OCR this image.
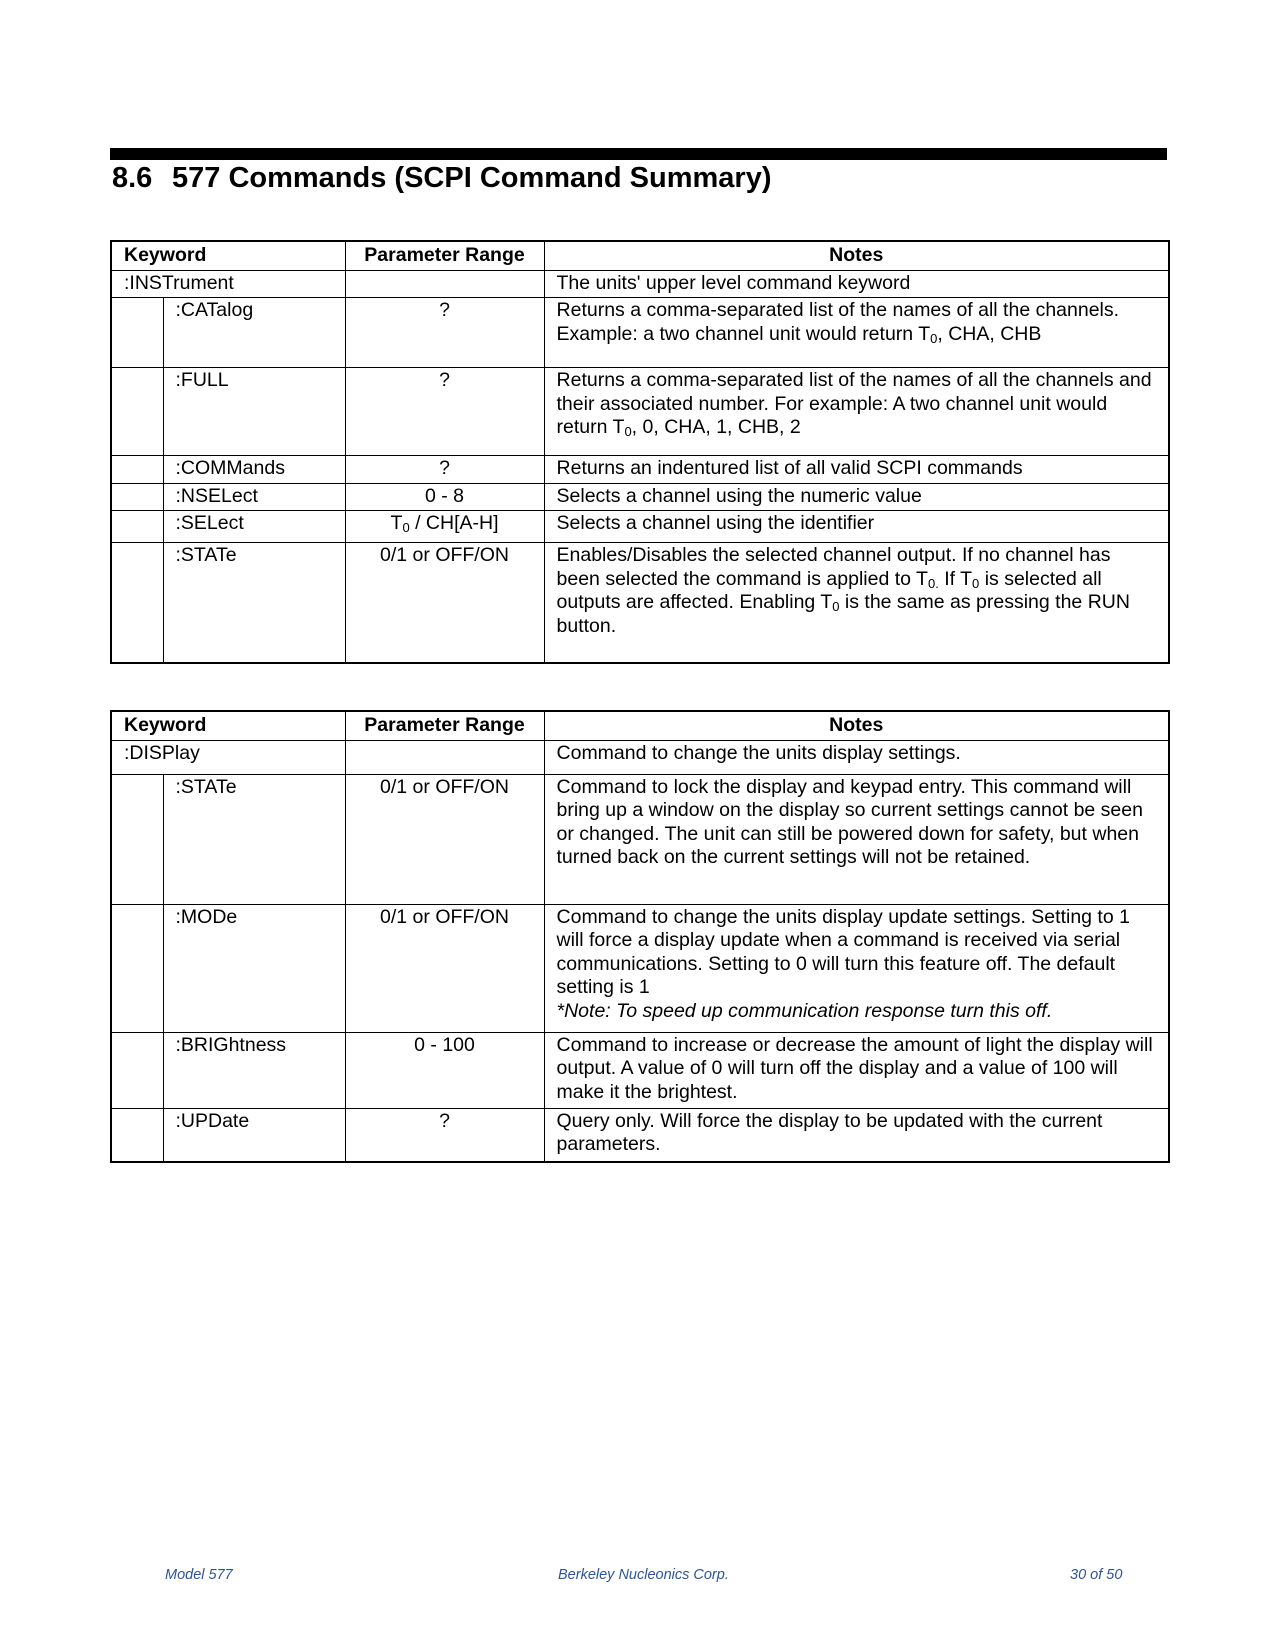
8.6 577 Commands (SCPI Command Summary)
Keyword		Parameter Range	Notes
:INSTrument			The units' upper level command keyword
	:CATalog	?	Returns a comma-separated list of the names of all the channels. Example: a two channel unit would return $T_0$, CHA, CHB
	:FULL	?	Returns a comma-separated list of the names of all the channels and their associated number. For example: A two channel unit would return $T_0$, 0, CHA, 1, CHB, 2
	:COMMands	?	Returns an indentured list of all valid SCPI commands
	:NSELect	0 - 8	Selects a channel using the numeric value
	:SELect	$T_0 / CH[A-H]$	Selects a channel using the identifier
	:STATe	0/1 or OFF/ON	Enables/Disables the selected channel output. If no channel has been selected the command is applied to $T_{0.}$ If $T_0$ is selected all outputs are affected. Enabling $T_0$ is the same as pressing the RUN button.
Keyword		Parameter Range	Notes
:DISPlay			Command to change the units display settings.
	:STATe	0/1 or OFF/ON	Command to lock the display and keypad entry. This command will bring up a window on the display so current settings cannot be seen or changed. The unit can still be powered down for safety, but when turned back on the current settings will not be retained.
	:MODe	0/1 or OFF/ON	Command to change the units display update settings. Setting to 1 will force a display update when a command is received via serial communications. Setting to 0 will turn this feature off. The default setting is 1
*Note: To speed up communication response turn this off.
	:BRIGhtness	0 - 100	Command to increase or decrease the amount of light the display will output. A value of 0 will turn off the display and a value of 100 will make it the brightest.
	:UPDate	?	Query only. Will force the display to be updated with the current parameters.
Model 577	Berkeley Nucleonics Corp.	30 of 50
